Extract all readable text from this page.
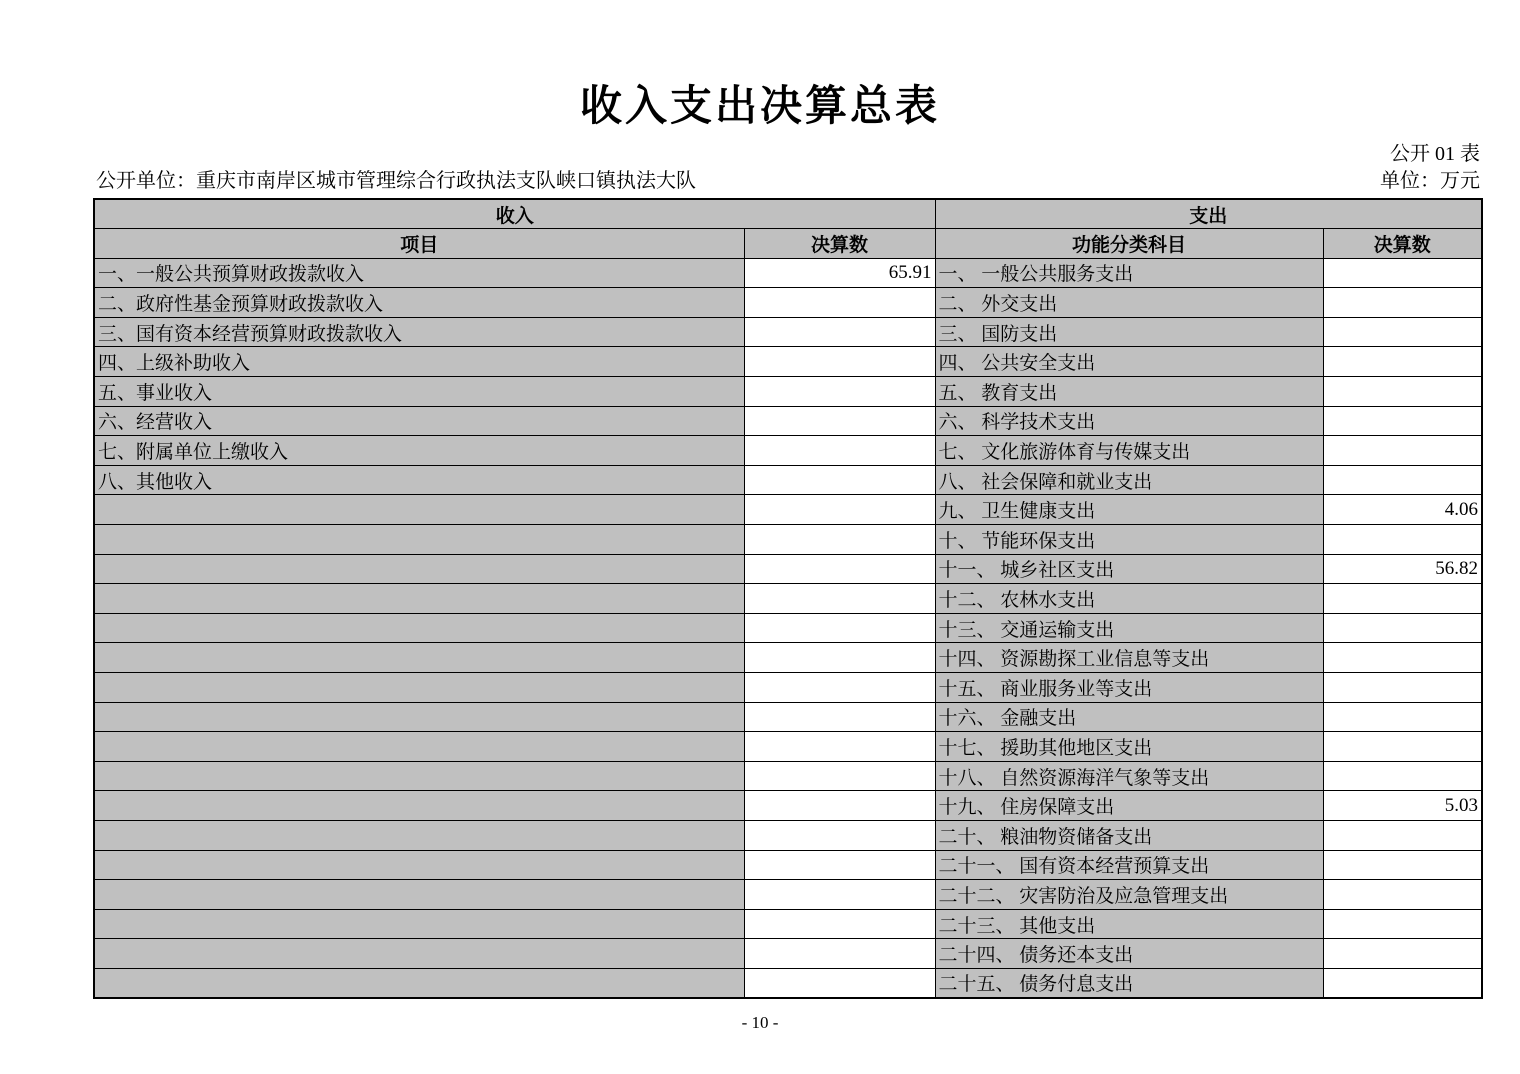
收入支出决算总表
公开 01 表
公开单位：重庆市南岸区城市管理综合行政执法支队峡口镇执法大队	单位：万元
收入		支出	
项目	决算数	功能分类科目	决算数
一、一般公共预算财政拨款收入	65.91	一、 一般公共服务支出	
二、政府性基金预算财政拨款收入		二、 外交支出	
三、国有资本经营预算财政拨款收入		三、 国防支出	
四、上级补助收入		四、 公共安全支出	
五、事业收入		五、 教育支出	
六、经营收入		六、 科学技术支出	
七、附属单位上缴收入		七、 文化旅游体育与传媒支出	
八、其他收入		八、 社会保障和就业支出	
		九、 卫生健康支出	4.06
		十、 节能环保支出	
		十一、 城乡社区支出	56.82
		十二、 农林水支出	
		十三、 交通运输支出	
		十四、 资源勘探工业信息等支出	
		十五、 商业服务业等支出	
		十六、 金融支出	
		十七、 援助其他地区支出	
		十八、 自然资源海洋气象等支出	
		十九、 住房保障支出	5.03
		二十、 粮油物资储备支出	
		二十一、 国有资本经营预算支出	
		二十二、 灾害防治及应急管理支出	
		二十三、 其他支出	
		二十四、 债务还本支出	
		二十五、 债务付息支出	
- 10 -
